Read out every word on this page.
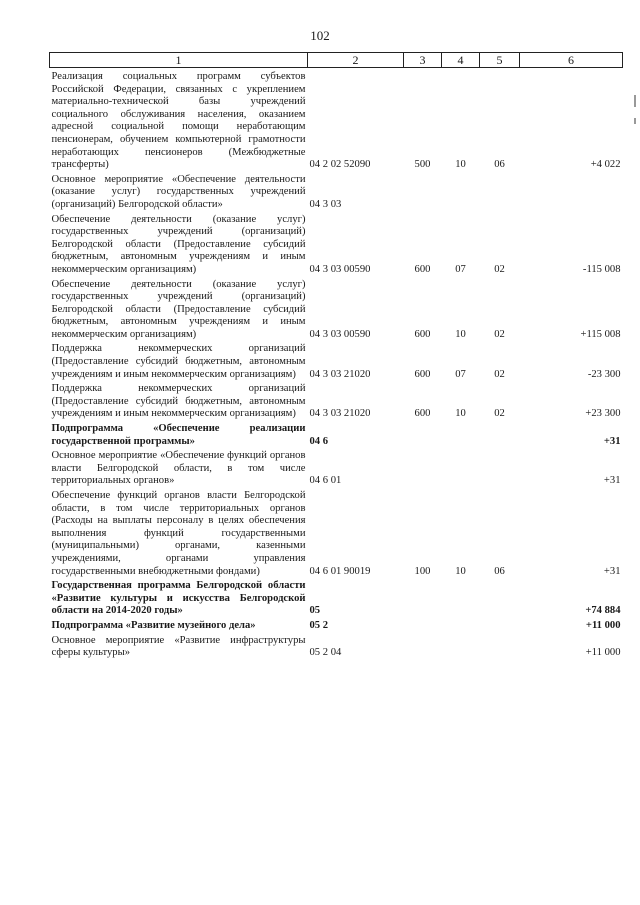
102
1	2	3	4	5	6

Реализация социальных программ субъектов Российской Федерации, связанных с укреплением материально-технической базы учреждений социального обслуживания населения, оказанием адресной социальной помощи неработающим пенсионерам, обучением компьютерной грамотности неработающих пенсионеров (Межбюджетные трансферты)	04 2 02 52090	500	10	06	+4 022
Основное мероприятие «Обеспечение деятельности (оказание услуг) государственных учреждений (организаций) Белгородской области»	04 3 03				
Обеспечение деятельности (оказание услуг) государственных учреждений (организаций) Белгородской области (Предоставление субсидий бюджетным, автономным учреждениям и иным некоммерческим организациям)	04 3 03 00590	600	07	02	-115 008
Обеспечение деятельности (оказание услуг) государственных учреждений (организаций) Белгородской области (Предоставление субсидий бюджетным, автономным учреждениям и иным некоммерческим организациям)	04 3 03 00590	600	10	02	+115 008
Поддержка некоммерческих организаций (Предоставление субсидий бюджетным, автономным учреждениям и иным некоммерческим организациям)	04 3 03 21020	600	07	02	-23 300
Поддержка некоммерческих организаций (Предоставление субсидий бюджетным, автономным учреждениям и иным некоммерческим организациям)	04 3 03 21020	600	10	02	+23 300
Подпрограмма «Обеспечение реализации государственной программы»	04 6				+31
Основное мероприятие «Обеспечение функций органов власти Белгородской области, в том числе территориальных органов»	04 6 01				+31
Обеспечение функций органов власти Белгородской области, в том числе территориальных органов (Расходы на выплаты персоналу в целях обеспечения выполнения функций государственными (муниципальными) органами, казенными учреждениями, органами управления государственными внебюджетными фондами)	04 6 01 90019	100	10	06	+31
Государственная программа Белгородской области «Развитие культуры и искусства Белгородской области на 2014-2020 годы»	05				+74 884
Подпрограмма «Развитие музейного дела»	05 2				+11 000
Основное мероприятие «Развитие инфраструктуры сферы культуры»	05 2 04				+11 000
